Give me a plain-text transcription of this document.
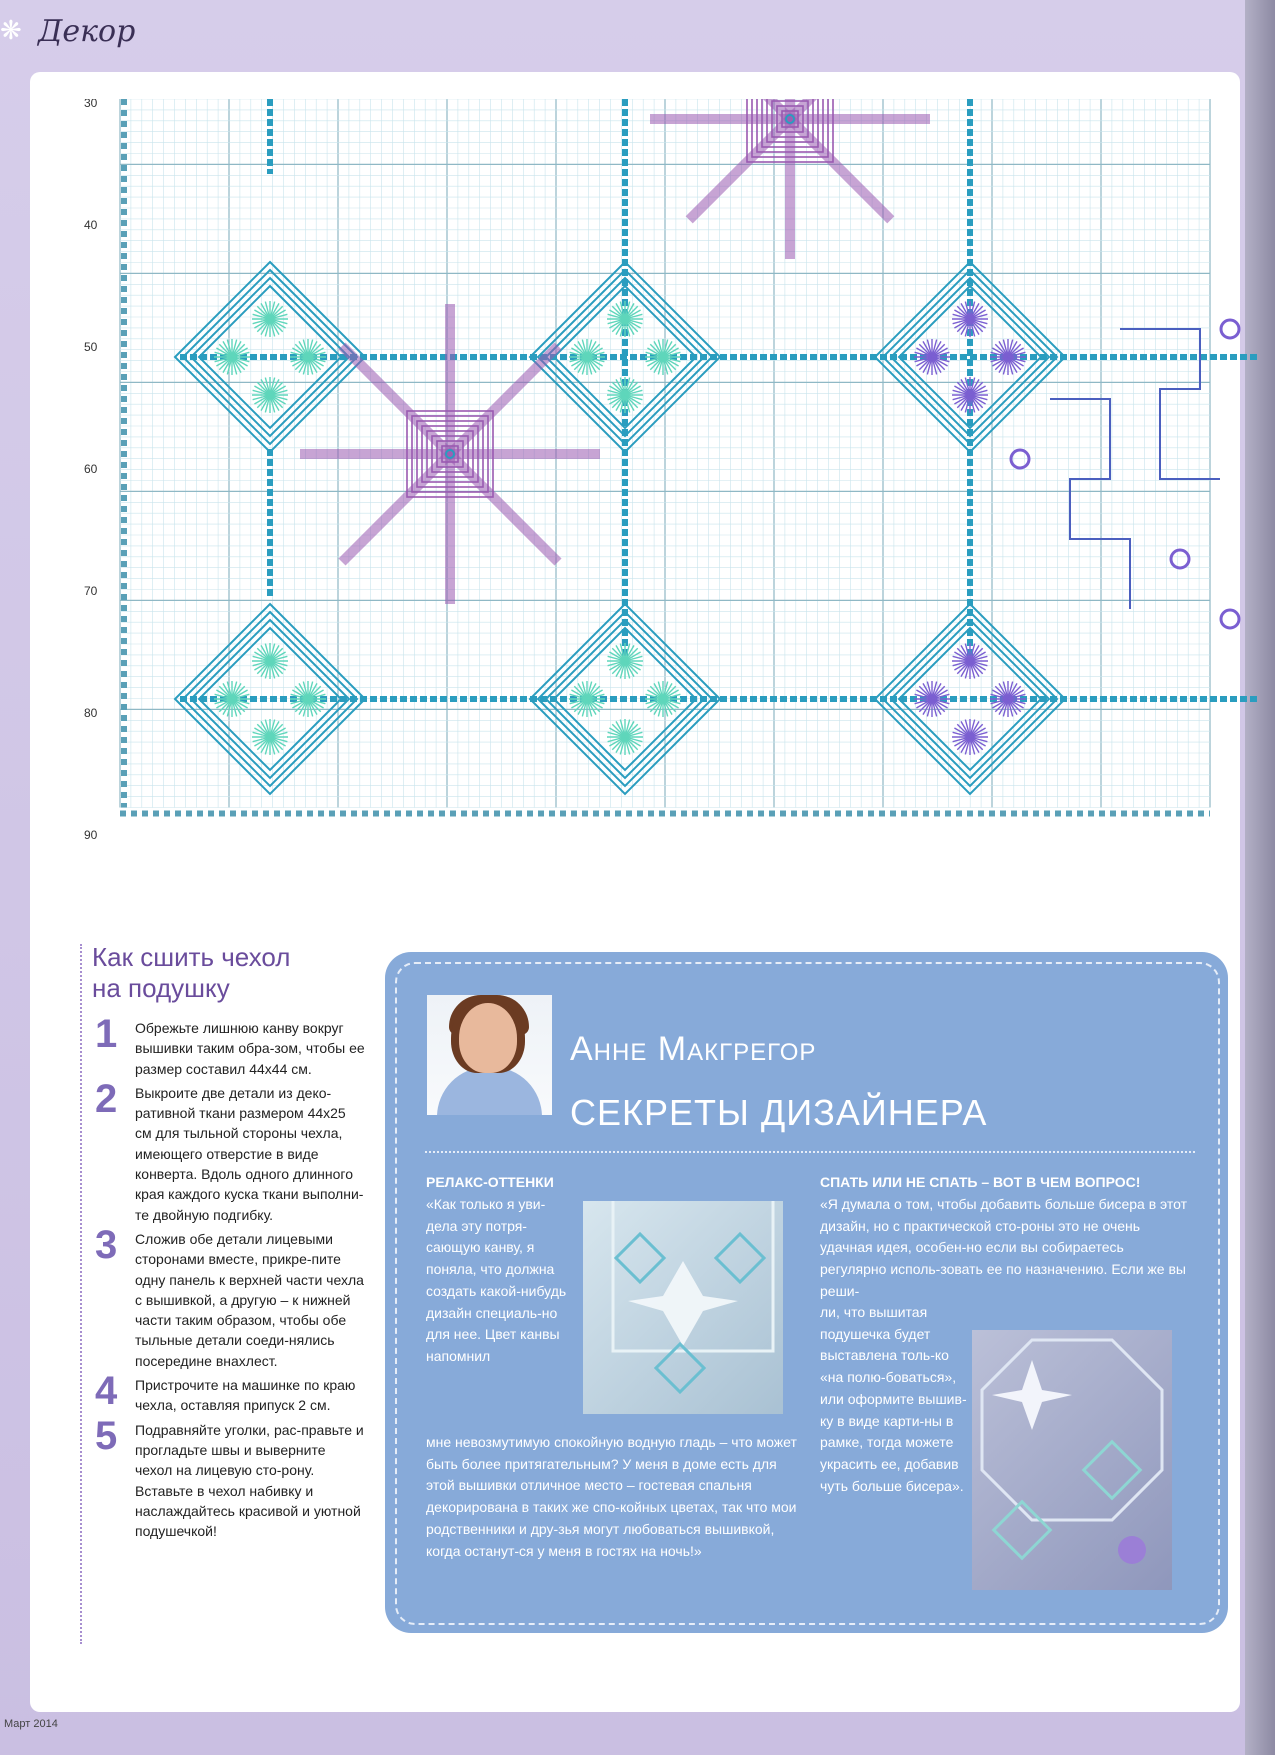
❋ Декор
30
40
50
60
70
80
90
Как сшить чехол
на подушку
1 Обрежьте лишнюю канву вокруг вышивки таким обра-зом, чтобы ее размер составил 44х44 см.
2 Выкроите две детали из деко-ративной ткани размером 44х25 см для тыльной стороны чехла, имеющего отверстие в виде конверта. Вдоль одного длинного края каждого куска ткани выполни-те двойную подгибку.
3 Сложив обе детали лицевыми сторонами вместе, прикре-пите одну панель к верхней части чехла с вышивкой, а другую – к нижней части таким образом, чтобы обе тыльные детали соеди-нялись посередине внахлест.
4 Пристрочите на машинке по краю чехла, оставляя припуск 2 см.
5 Подравняйте уголки, рас-правьте и прогладьте швы и выверните чехол на лицевую сто-рону. Вставьте в чехол набивку и наслаждайтесь красивой и уютной подушечкой!
Анне Макгрегор
СЕКРЕТЫ ДИЗАЙНЕРА
РЕЛАКС-ОТТЕНКИ
«Как только я уви-дела эту потря-сающую канву, я поняла, что должна создать какой-нибудь дизайн специаль-но для нее. Цвет канвы напомнил
мне невозмутимую спокойную водную гладь – что может быть более притягательным? У меня в доме есть для этой вышивки отличное место – гостевая спальня декорирована в таких же спо-койных цветах, так что мои родственники и дру-зья могут любоваться вышивкой, когда останут-ся у меня в гостях на ночь!»
СПАТЬ ИЛИ НЕ СПАТЬ – ВОТ В ЧЕМ ВОПРОС!
«Я думала о том, чтобы добавить больше бисера в этот дизайн, но с практической сто-роны это не очень удачная идея, особен-но если вы собираетесь регулярно исполь-зовать ее по назначению. Если же вы реши-
ли, что вышитая подушечка будет выставлена толь-ко «на полю-боваться», или оформите вышив-ку в виде карти-ны в рамке, тогда можете украсить ее, добавив чуть больше бисера».
Март 2014
